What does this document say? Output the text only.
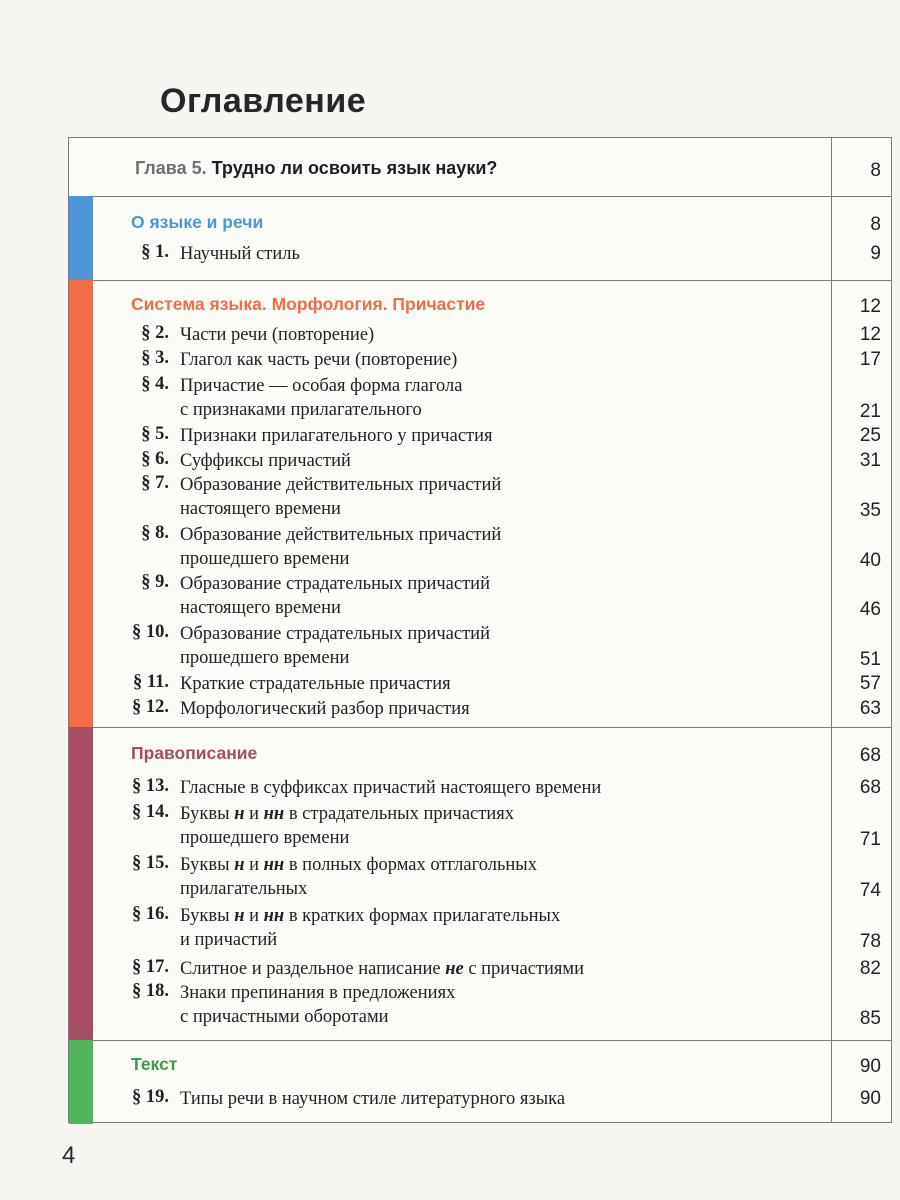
Оглавление
Глава 5. Трудно ли освоить язык науки?	8
О языке и речи	8
§ 1. Научный стиль	9
Система языка. Морфология. Причастие	12
§ 2. Части речи (повторение)	12
§ 3. Глагол как часть речи (повторение)	17
§ 4. Причастие — особая форма глагола
с признаками прилагательного	21
§ 5. Признаки прилагательного у причастия	25
§ 6. Суффиксы причастий	31
§ 7. Образование действительных причастий
настоящего времени	35
§ 8. Образование действительных причастий
прошедшего времени	40
§ 9. Образование страдательных причастий
настоящего времени	46
§ 10. Образование страдательных причастий
прошедшего времени	51
§ 11. Краткие страдательные причастия	57
§ 12. Морфологический разбор причастия	63
Правописание	68
§ 13. Гласные в суффиксах причастий настоящего времени	68
§ 14. Буквы н и нн в страдательных причастиях
прошедшего времени	71
§ 15. Буквы н и нн в полных формах отглагольных
прилагательных	74
§ 16. Буквы н и нн в кратких формах прилагательных
и причастий	78
§ 17. Слитное и раздельное написание не с причастиями	82
§ 18. Знаки препинания в предложениях
с причастными оборотами	85
Текст	90
§ 19. Типы речи в научном стиле литературного языка	90
4
